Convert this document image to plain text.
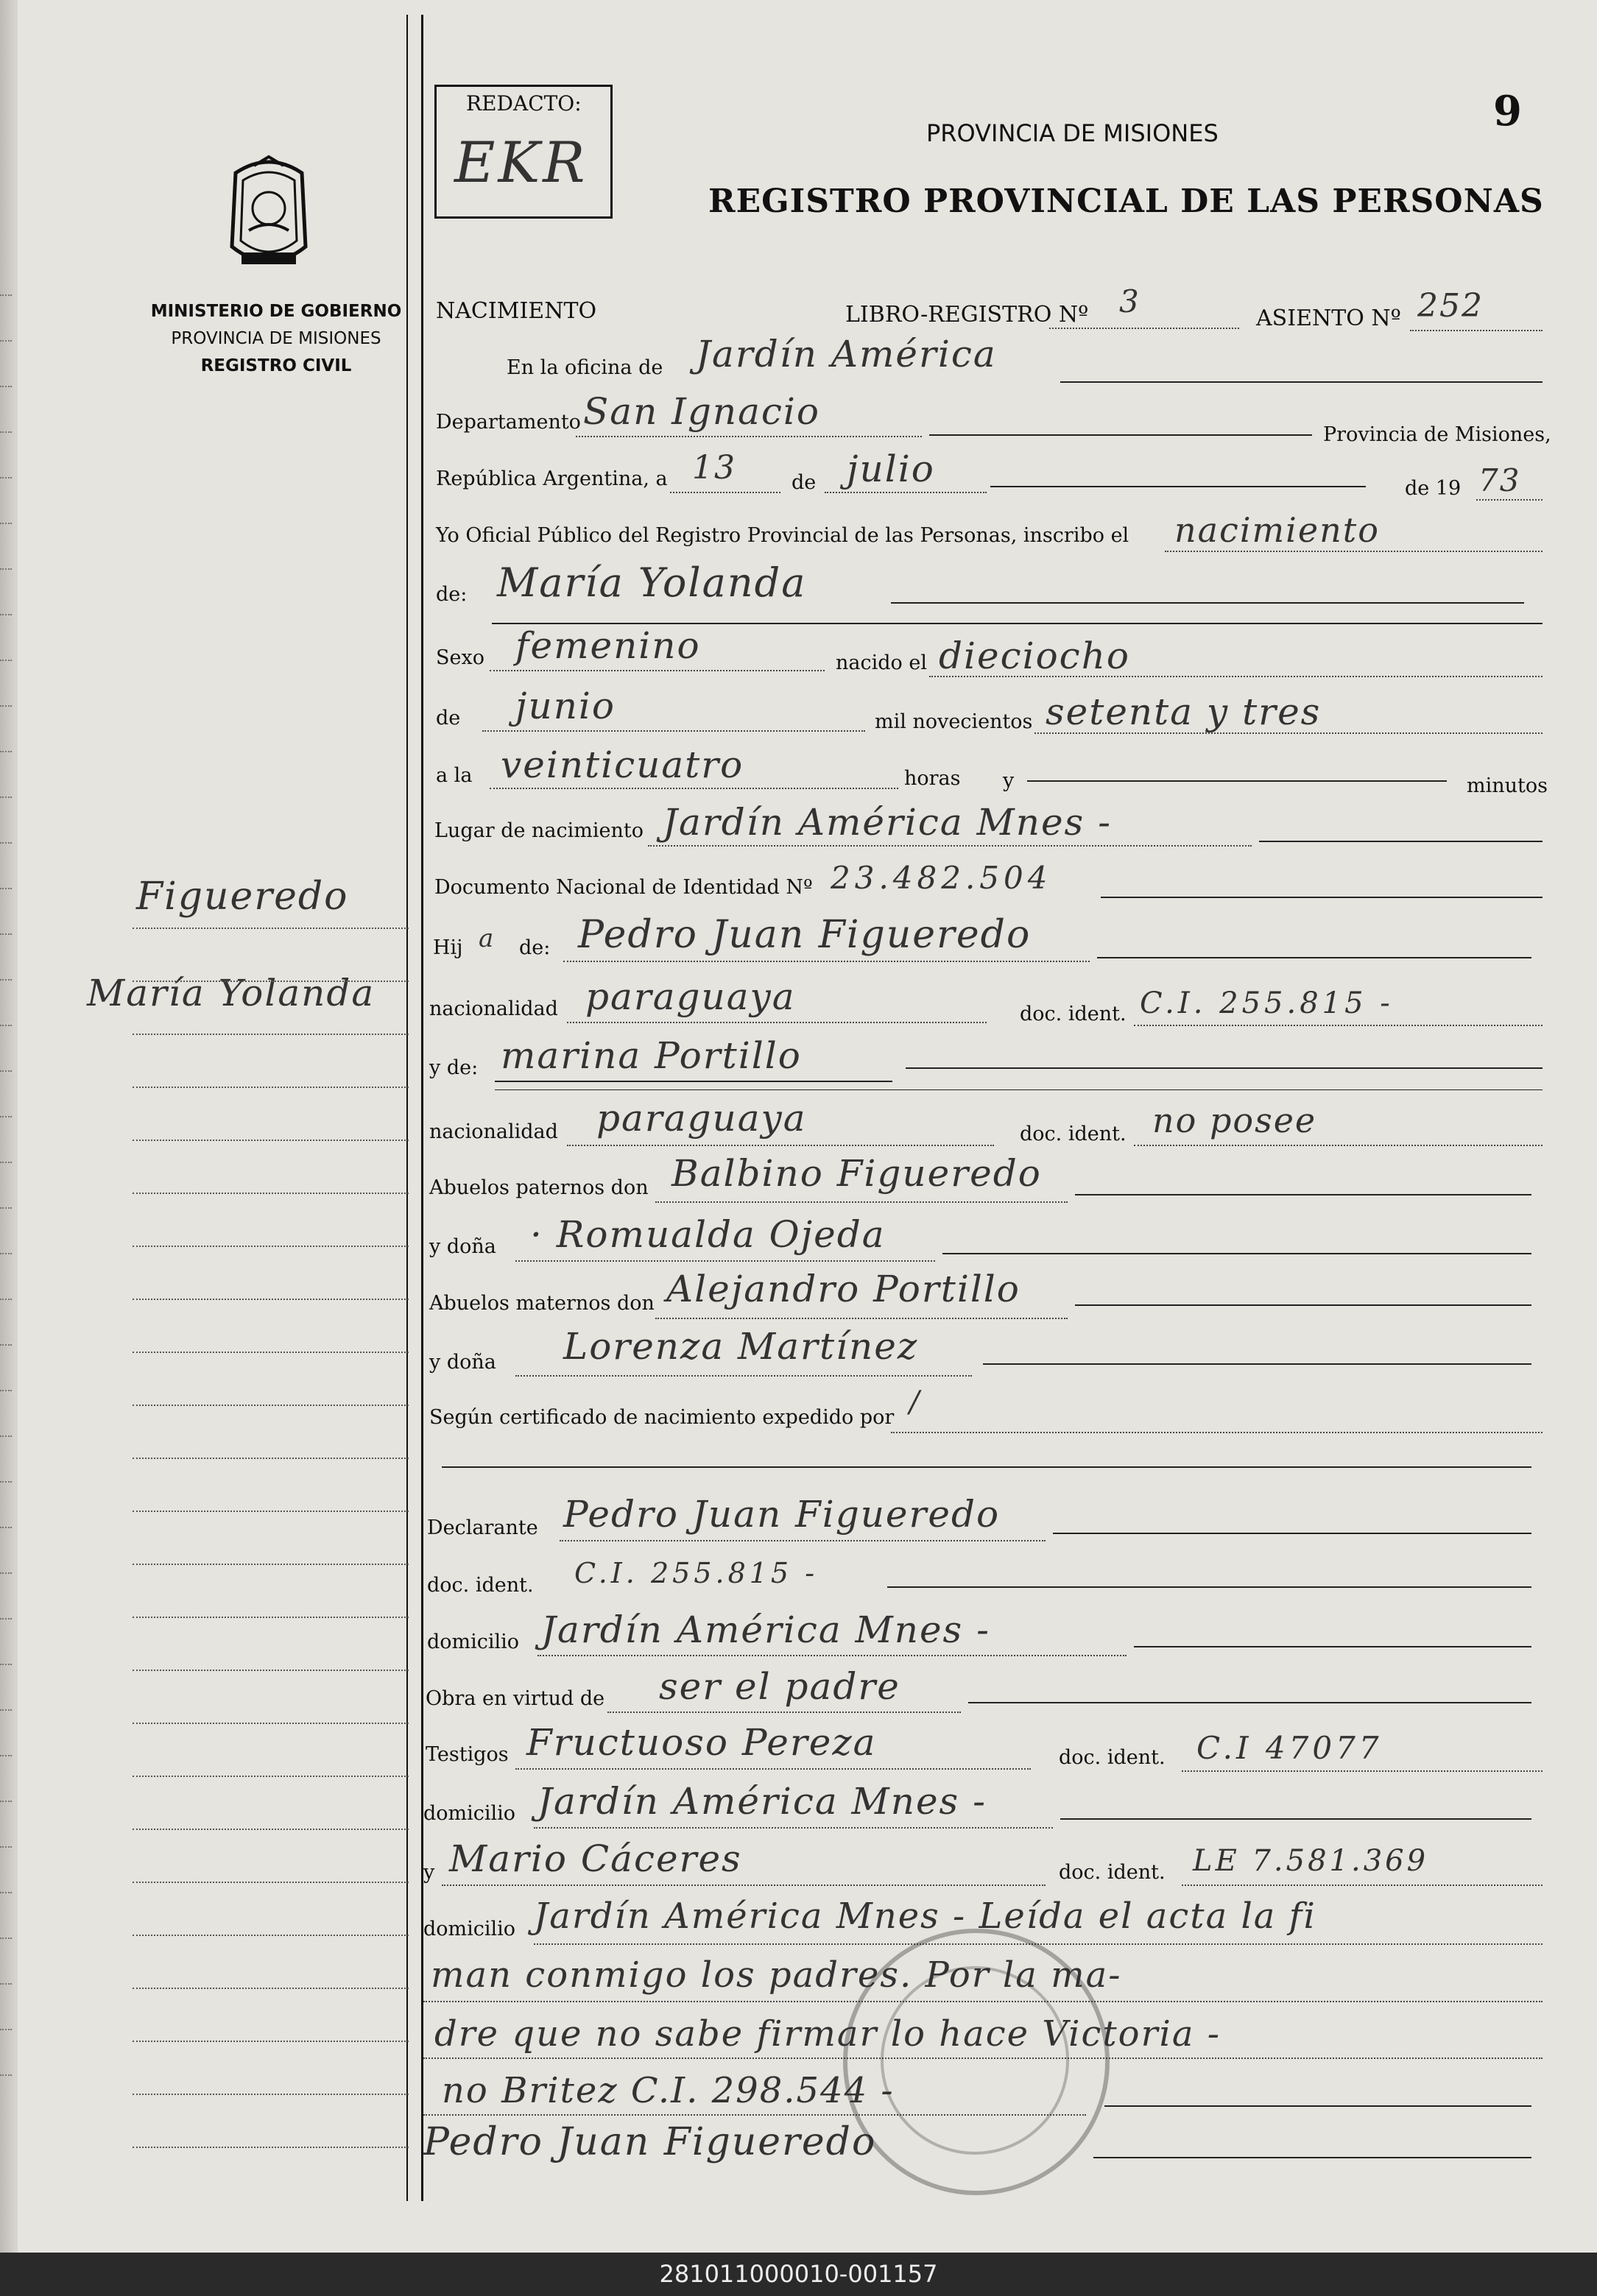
MINISTERIO DE GOBIERNO
PROVINCIA DE MISIONES
REGISTRO CIVIL
REDACTO:
EKR
9
PROVINCIA DE MISIONES
REGISTRO PROVINCIAL DE LAS PERSONAS
NACIMIENTO	LIBRO-REGISTRO Nº 3	ASIENTO Nº 252
En la oficina de Jardín América
Departamento San Ignacio
Provincia de Misiones,
República Argentina, a 13	de julio	de 19 73
Yo Oficial Público del Registro Provincial de las Personas, inscribo el nacimiento
de: María Yolanda
Sexo femenino	nacido el dieciocho
de junio	mil novecientos setenta y tres
a la veinticuatro	horas y	minutos
Lugar de nacimiento Jardín América Mnes -
Documento Nacional de Identidad Nº 23.482.504
Hij a de: Pedro Juan Figueredo
nacionalidad paraguaya	doc. ident. C.I. 255.815 -
y de: marina Portillo
nacionalidad paraguaya	doc. ident. no posee
Abuelos paternos don Balbino Figueredo
y doña · Romualda Ojeda
Abuelos maternos don Alejandro Portillo
y doña Lorenza Martínez
Según certificado de nacimiento expedido por /
Declarante Pedro Juan Figueredo
doc. ident. C.I. 255.815 -
domicilio Jardín América Mnes -
Obra en virtud de ser el padre
Testigos Fructuoso Pereza	doc. ident. C.I 47077
domicilio Jardín América Mnes -
y Mario Cáceres	doc. ident. LE 7.581.369
domicilio Jardín América Mnes - Leída el acta la fi
man conmigo los padres. Por la ma-
dre que no sabe firmar lo hace Victoria -
no Britez C.I. 298.544 -
Pedro Juan Figueredo
Figueredo
María Yolanda
281011000010-001157
